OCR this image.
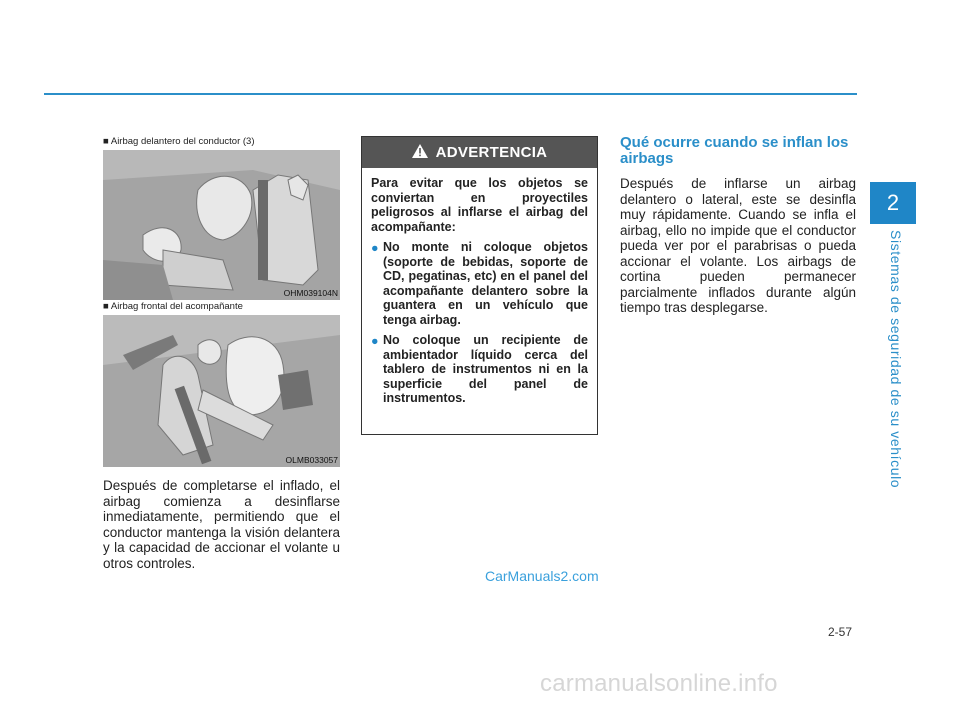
2
Sistemas de seguridad de su vehículo
■ Airbag delantero del conductor (3)
OHM039104N
■ Airbag frontal del acompañante
OLMB033057
Después de completarse el inflado, el airbag comienza a desinflarse inmediatamente, permitiendo que el conductor mantenga la visión delantera y la capacidad de accionar el volante u otros controles.
ADVERTENCIA

Para evitar que los objetos se conviertan en proyectiles peligrosos al inflarse el airbag del acompañante:

● No monte ni coloque objetos (soporte de bebidas, soporte de CD, pegatinas, etc) en el panel del acompañante delantero sobre la guantera en un vehículo que tenga airbag.
● No coloque un recipiente de ambientador líquido cerca del tablero de instrumentos ni en la superficie del panel de instrumentos.
Qué ocurre cuando se inflan los airbags
Después de inflarse un airbag delantero o lateral, este se desinfla muy rápidamente. Cuando se infla el airbag, ello no impide que el conductor pueda ver por el parabrisas o pueda accionar el volante. Los airbags de cortina pueden permanecer parcialmente inflados durante algún tiempo tras desplegarse.
CarManuals2.com
2-57
carmanualsonline.info
